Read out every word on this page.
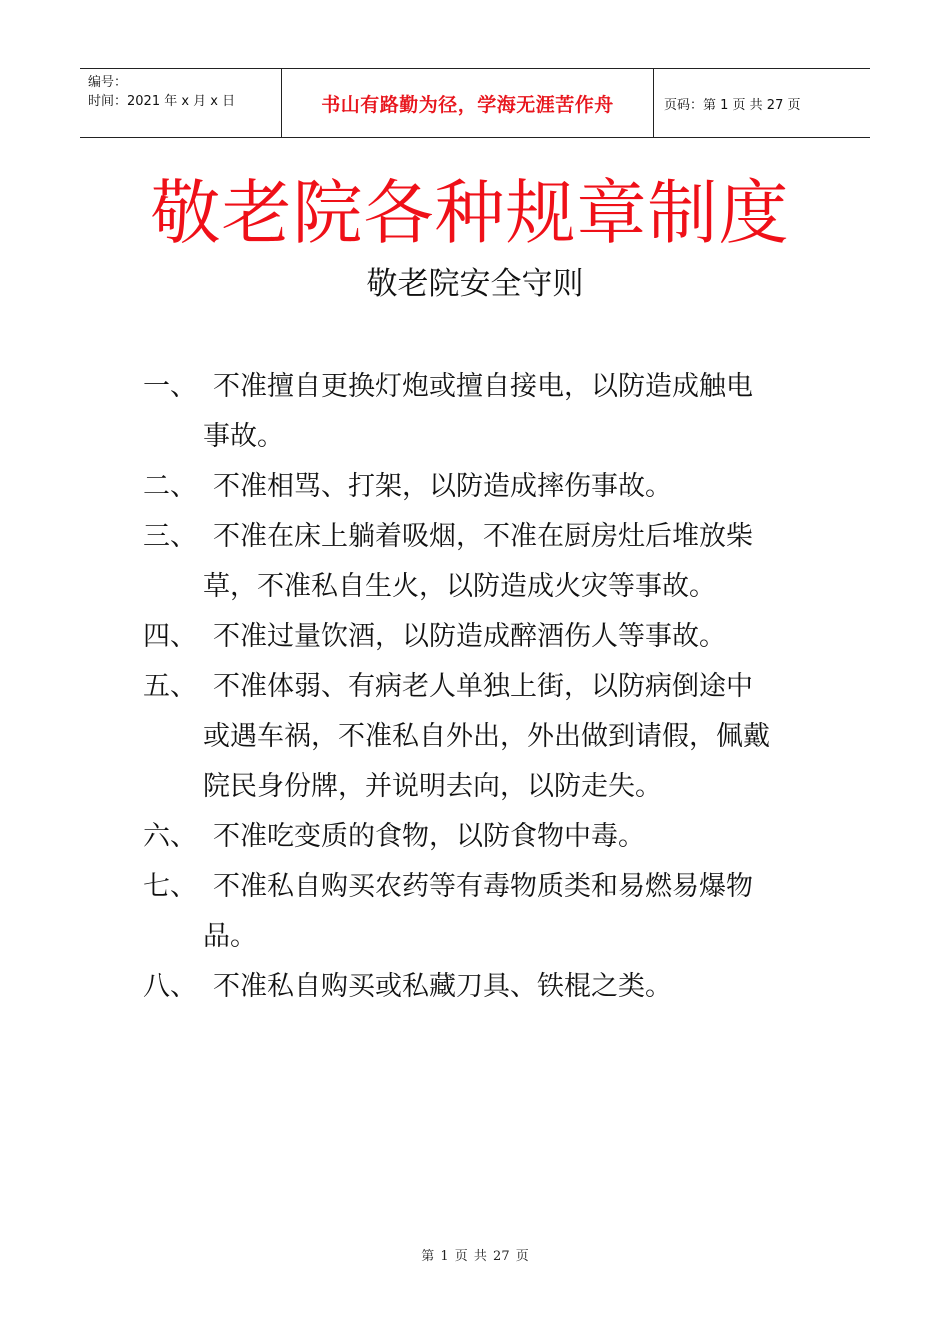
编号：
时间：2021 年 x 月 x 日	书山有路勤为径，学海无涯苦作舟	页码：第 1 页 共 27 页
敬老院各种规章制度
敬老院安全守则
一、 不准擅自更换灯炮或擅自接电，以防造成触电
事故。
二、 不准相骂、打架，以防造成摔伤事故。
三、 不准在床上躺着吸烟，不准在厨房灶后堆放柴
草，不准私自生火，以防造成火灾等事故。
四、 不准过量饮酒，以防造成醉酒伤人等事故。
五、 不准体弱、有病老人单独上街，以防病倒途中
或遇车祸，不准私自外出，外出做到请假，佩戴
院民身份牌，并说明去向，以防走失。
六、 不准吃变质的食物，以防食物中毒。
七、 不准私自购买农药等有毒物质类和易燃易爆物
品。
八、 不准私自购买或私藏刀具、铁棍之类。
第 1 页 共 27 页
